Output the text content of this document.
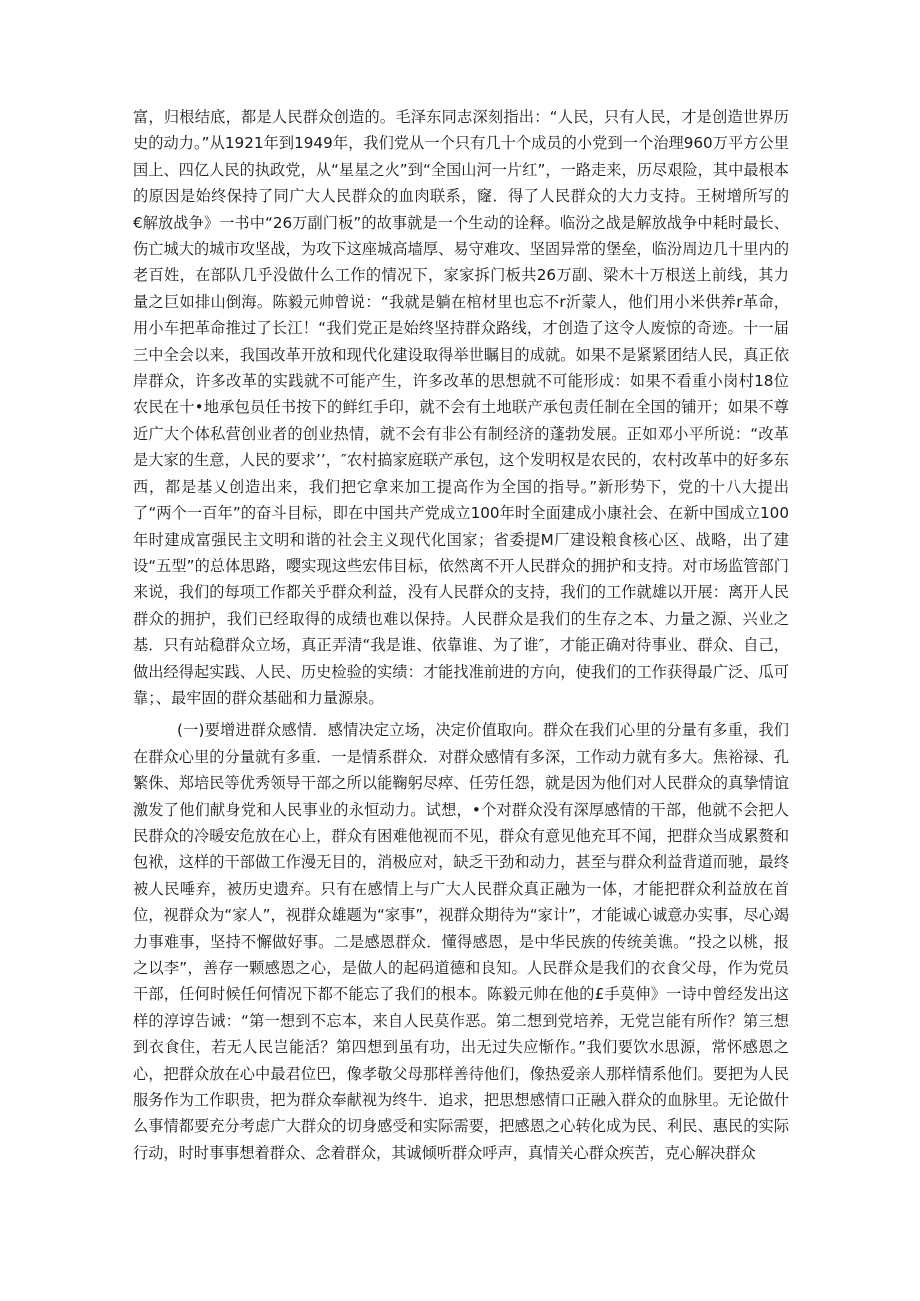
富，归根结底，都是人民群众创造的。毛泽东同志深刻指出：“人民，只有人民，才是创造世界历史的动力。”从1921年到1949年，我们党从一个只有几十个成员的小党到一个治理960万平方公里国上、四亿人民的执政党，从“星星之火”到“全国山河一片红”，一路走来，历尽艰险，其中最根本的原因是始终保持了同广大人民群众的血肉联系，窿．得了人民群众的大力支持。王树增所写的€解放战争》一书中“26万副门板”的故事就是一个生动的诠释。临汾之战是解放战争中耗时最长、伤亡城大的城市攻坚战，为攻下这座城高墙厚、易守难攻、坚固异常的堡垒，临汾周边几十里内的老百姓，在部队几乎没做什么工作的情况下，家家拆门板共26万副、梁木十万根送上前线，其力量之巨如排山倒海。陈毅元帅曾说：“我就是躺在棺材里也忘不r沂蒙人，他们用小米供养r革命，用小车把革命推过了长江！“我们党正是始终坚持群众路线，才创造了这令人废惊的奇迹。十一届三中全会以来，我国改革开放和现代化建设取得举世瞩目的成就。如果不是紧紧团结人民，真正依岸群众，许多改革的实践就不可能产生，许多改革的思想就不可能形成：如果不看重小岗村18位农民在十•地承包员任书按下的鲜红手印，就不会有土地联产承包责任制在全国的铺开；如果不尊近广大个体私营创业者的创业热情，就不会有非公有制经济的蓬勃发展。正如邓小平所说：“改革是大家的生意，人民的要求’’，″农村搞家庭联产承包，这个发明权是农民的，农村改革中的好多东西，都是基乂创造出来，我们把它拿来加工提高作为全国的指导。”新形势下，党的十八大提出了“两个一百年”的奋斗目标，即在中国共产党成立100年时全面建成小康社会、在新中国成立100年时建成富强民主文明和谐的社会主义现代化国家；省委提M厂建设粮食核心区、战略，出了建设“五型”的总体思路，嘤实现这些宏伟目标，依然离不开人民群众的拥护和支持。对市场监管部门来说，我们的每项工作都关乎群众利益，没有人民群众的支持，我们的工作就雄以开展：离开人民群众的拥护，我们已经取得的成绩也难以保持。人民群众是我们的生存之本、力量之源、兴业之基．只有站稳群众立场，真正弄清“我是谁、依靠谁、为了谁″，才能正确对待事业、群众、自己，做出经得起实践、人民、历史检验的实绩：才能找准前进的方向，使我们的工作获得最广泛、瓜可靠；、最牢固的群众基础和力量源泉。

(一)要增进群众感情．感情决定立场，决定价值取向。群众在我们心里的分量有多重，我们在群众心里的分量就有多重．一是情系群众．对群众感情有多深，工作动力就有多大。焦裕禄、孔繁侏、郑培民等优秀领导干部之所以能鞠躬尽瘁、任劳任怨，就是因为他们对人民群众的真挚情谊激发了他们献身党和人民事业的永恒动力。试想，•个对群众没有深厚感情的干部，他就不会把人民群众的冷暖安危放在心上，群众有困难他视而不见，群众有意见他充耳不闻，把群众当成累赘和包袱，这样的干部做工作漫无目的，消极应对，缺乏干劲和动力，甚至与群众利益背道而驰，最终被人民唾弃，被历史遗弃。只有在感情上与广大人民群众真正融为一体，才能把群众利益放在首位，视群众为“家人”，视群众雄题为“家事”，视群众期待为“家计”，才能诚心诚意办实事，尽心竭力事难事，坚持不懈做好事。二是感恩群众．懂得感恩，是中华民族的传统美谯。“投之以桃，报之以李”，善存一颗感恩之心，是做人的起码道德和良知。人民群众是我们的衣食父母，作为党员干部，任何时候任何情况下都不能忘了我们的根本。陈毅元帅在他的£手莫伸》一诗中曾经发出这样的淳谆告诫：“第一想到不忘本，来自人民莫作恶。第二想到党培养，无党岂能有所作？第三想到衣食住，若无人民岂能活？第四想到虽有功，出无过失应惭作。”我们要饮水思源，常怀感恩之心，把群众放在心中最君位巴，像孝敬父母那样善待他们，像热爱亲人那样情系他们。要把为人民服务作为工作职贵，把为群众奉献视为终牛．追求，把思想感情口正融入群众的血脉里。无论做什么事情都要充分考虑广大群众的切身感受和实际需要，把感恩之心转化成为民、利民、惠民的实际行动，时时事事想着群众、念着群众，其诚倾听群众呼声，真情关心群众疾苦，克心解决群众
